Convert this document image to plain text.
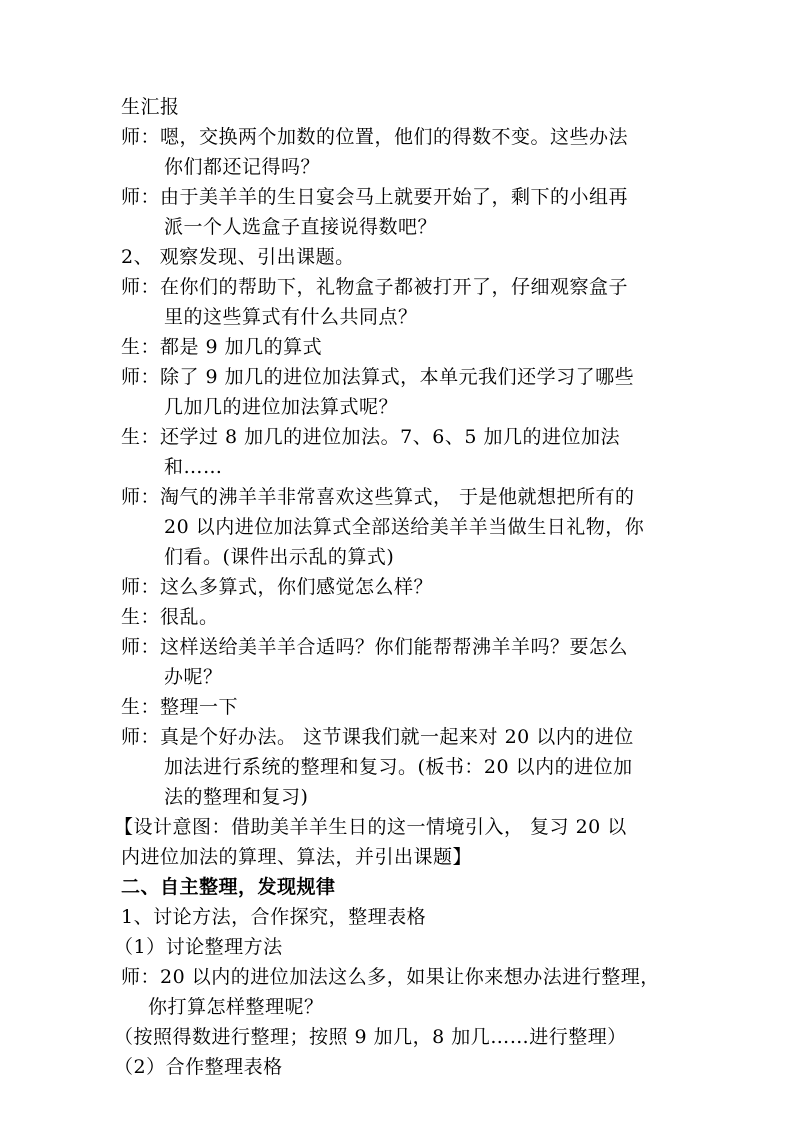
生汇报
师：嗯，交换两个加数的位置，他们的得数不变。这些办法
你们都还记得吗？
师：由于美羊羊的生日宴会马上就要开始了，剩下的小组再
派一个人选盒子直接说得数吧？
2、 观察发现、引出课题。
师：在你们的帮助下，礼物盒子都被打开了，仔细观察盒子
里的这些算式有什么共同点？
生：都是 9 加几的算式
师：除了 9 加几的进位加法算式，本单元我们还学习了哪些
几加几的进位加法算式呢？
生：还学过 8 加几的进位加法。7、6、5 加几的进位加法
和……
师：淘气的沸羊羊非常喜欢这些算式， 于是他就想把所有的
20 以内进位加法算式全部送给美羊羊当做生日礼物，你
们看。(课件出示乱的算式)
师：这么多算式，你们感觉怎么样？
生：很乱。
师：这样送给美羊羊合适吗？你们能帮帮沸羊羊吗？要怎么
办呢？
生：整理一下
师：真是个好办法。 这节课我们就一起来对 20 以内的进位
加法进行系统的整理和复习。(板书：20 以内的进位加
法的整理和复习)
【设计意图：借助美羊羊生日的这一情境引入， 复习 20 以
内进位加法的算理、算法，并引出课题】
二、自主整理，发现规律
1、讨论方法，合作探究，整理表格
（1）讨论整理方法
师：20 以内的进位加法这么多，如果让你来想办法进行整理，
你打算怎样整理呢？
（按照得数进行整理；按照 9 加几，8 加几……进行整理）
（2）合作整理表格
